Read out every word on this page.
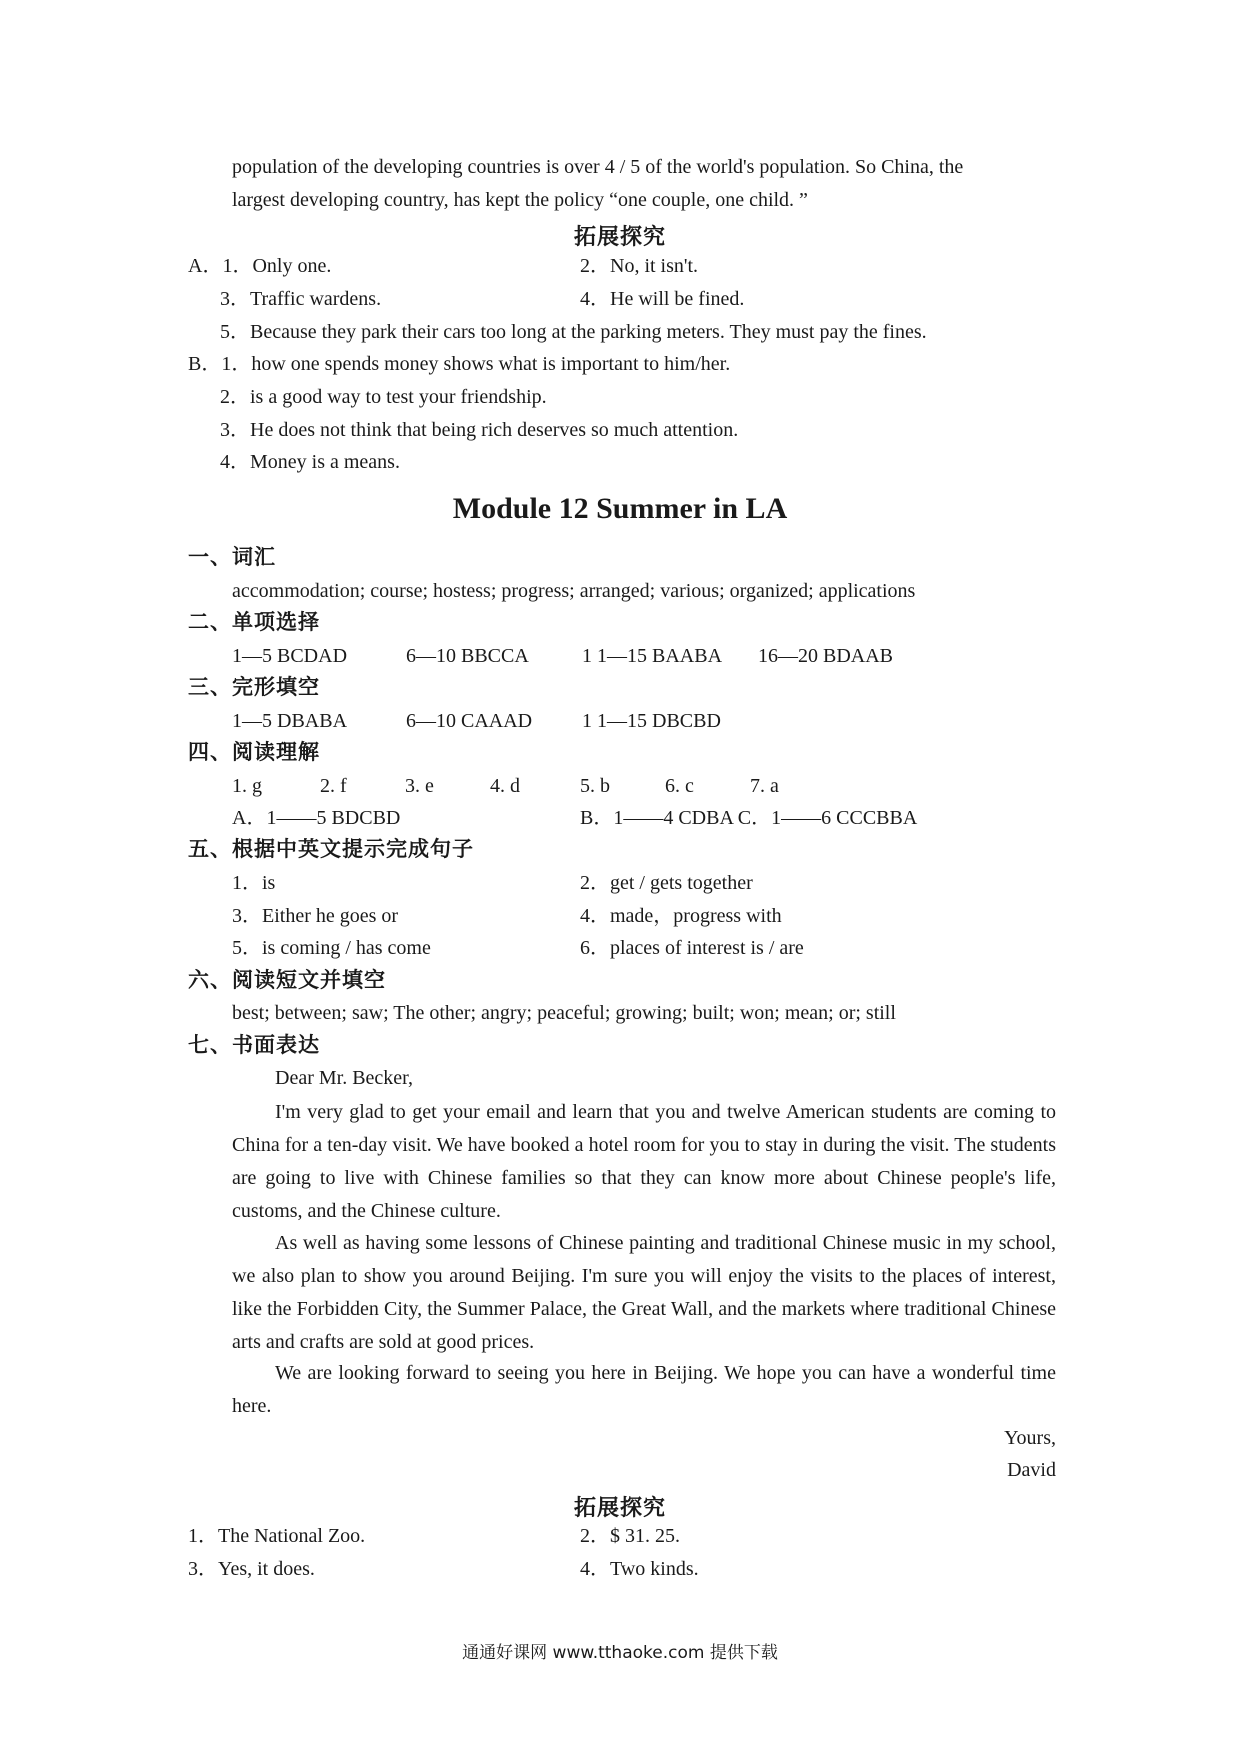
population of the developing countries is over 4 / 5 of the world's population. So China, the
largest developing country, has kept the policy “one couple, one child. ”
拓展探究
A．1．Only one.	2．No, it isn't.
3．Traffic wardens.	4．He will be fined.
5．Because they park their cars too long at the parking meters. They must pay the fines.
B．1．how one spends money shows what is important to him/her.
2．is a good way to test your friendship.
3．He does not think that being rich deserves so much attention.
4．Money is a means.
Module 12 Summer in LA
一、词汇
accommodation; course; hostess; progress; arranged; various; organized; applications
二、单项选择
1—5 BCDAD	6—10 BBCCA	1 1—15 BAABA 16—20 BDAAB
三、完形填空
1—5 DBABA	6—10 CAAAD 1 1—15 DBCBD
四、阅读理解
1. g	2. f	3. e	4. d	5. b	6. c	7. a
A．1——5 BDCBD	B．1——4 CDBA C．1——6 CCCBBA
五、根据中英文提示完成句子
1．is	2．get / gets together
3．Either he goes or	4．made，progress with
5．is coming / has come	6．places of interest is / are
六、阅读短文并填空
best; between; saw; The other; angry; peaceful; growing; built; won; mean; or; still
七、书面表达
Dear Mr. Becker,
I'm very glad to get your email and learn that you and twelve American students are coming to China for a ten-day visit. We have booked a hotel room for you to stay in during the visit. The students are going to live with Chinese families so that they can know more about Chinese people's life, customs, and the Chinese culture.
As well as having some lessons of Chinese painting and traditional Chinese music in my school, we also plan to show you around Beijing. I'm sure you will enjoy the visits to the places of interest, like the Forbidden City, the Summer Palace, the Great Wall, and the markets where traditional Chinese arts and crafts are sold at good prices.
We are looking forward to seeing you here in Beijing. We hope you can have a wonderful time here.
Yours,
David
拓展探究
1．The National Zoo.	2．$ 31. 25.
3．Yes, it does.	4．Two kinds.
通通好课网 www.tthaoke.com 提供下载
